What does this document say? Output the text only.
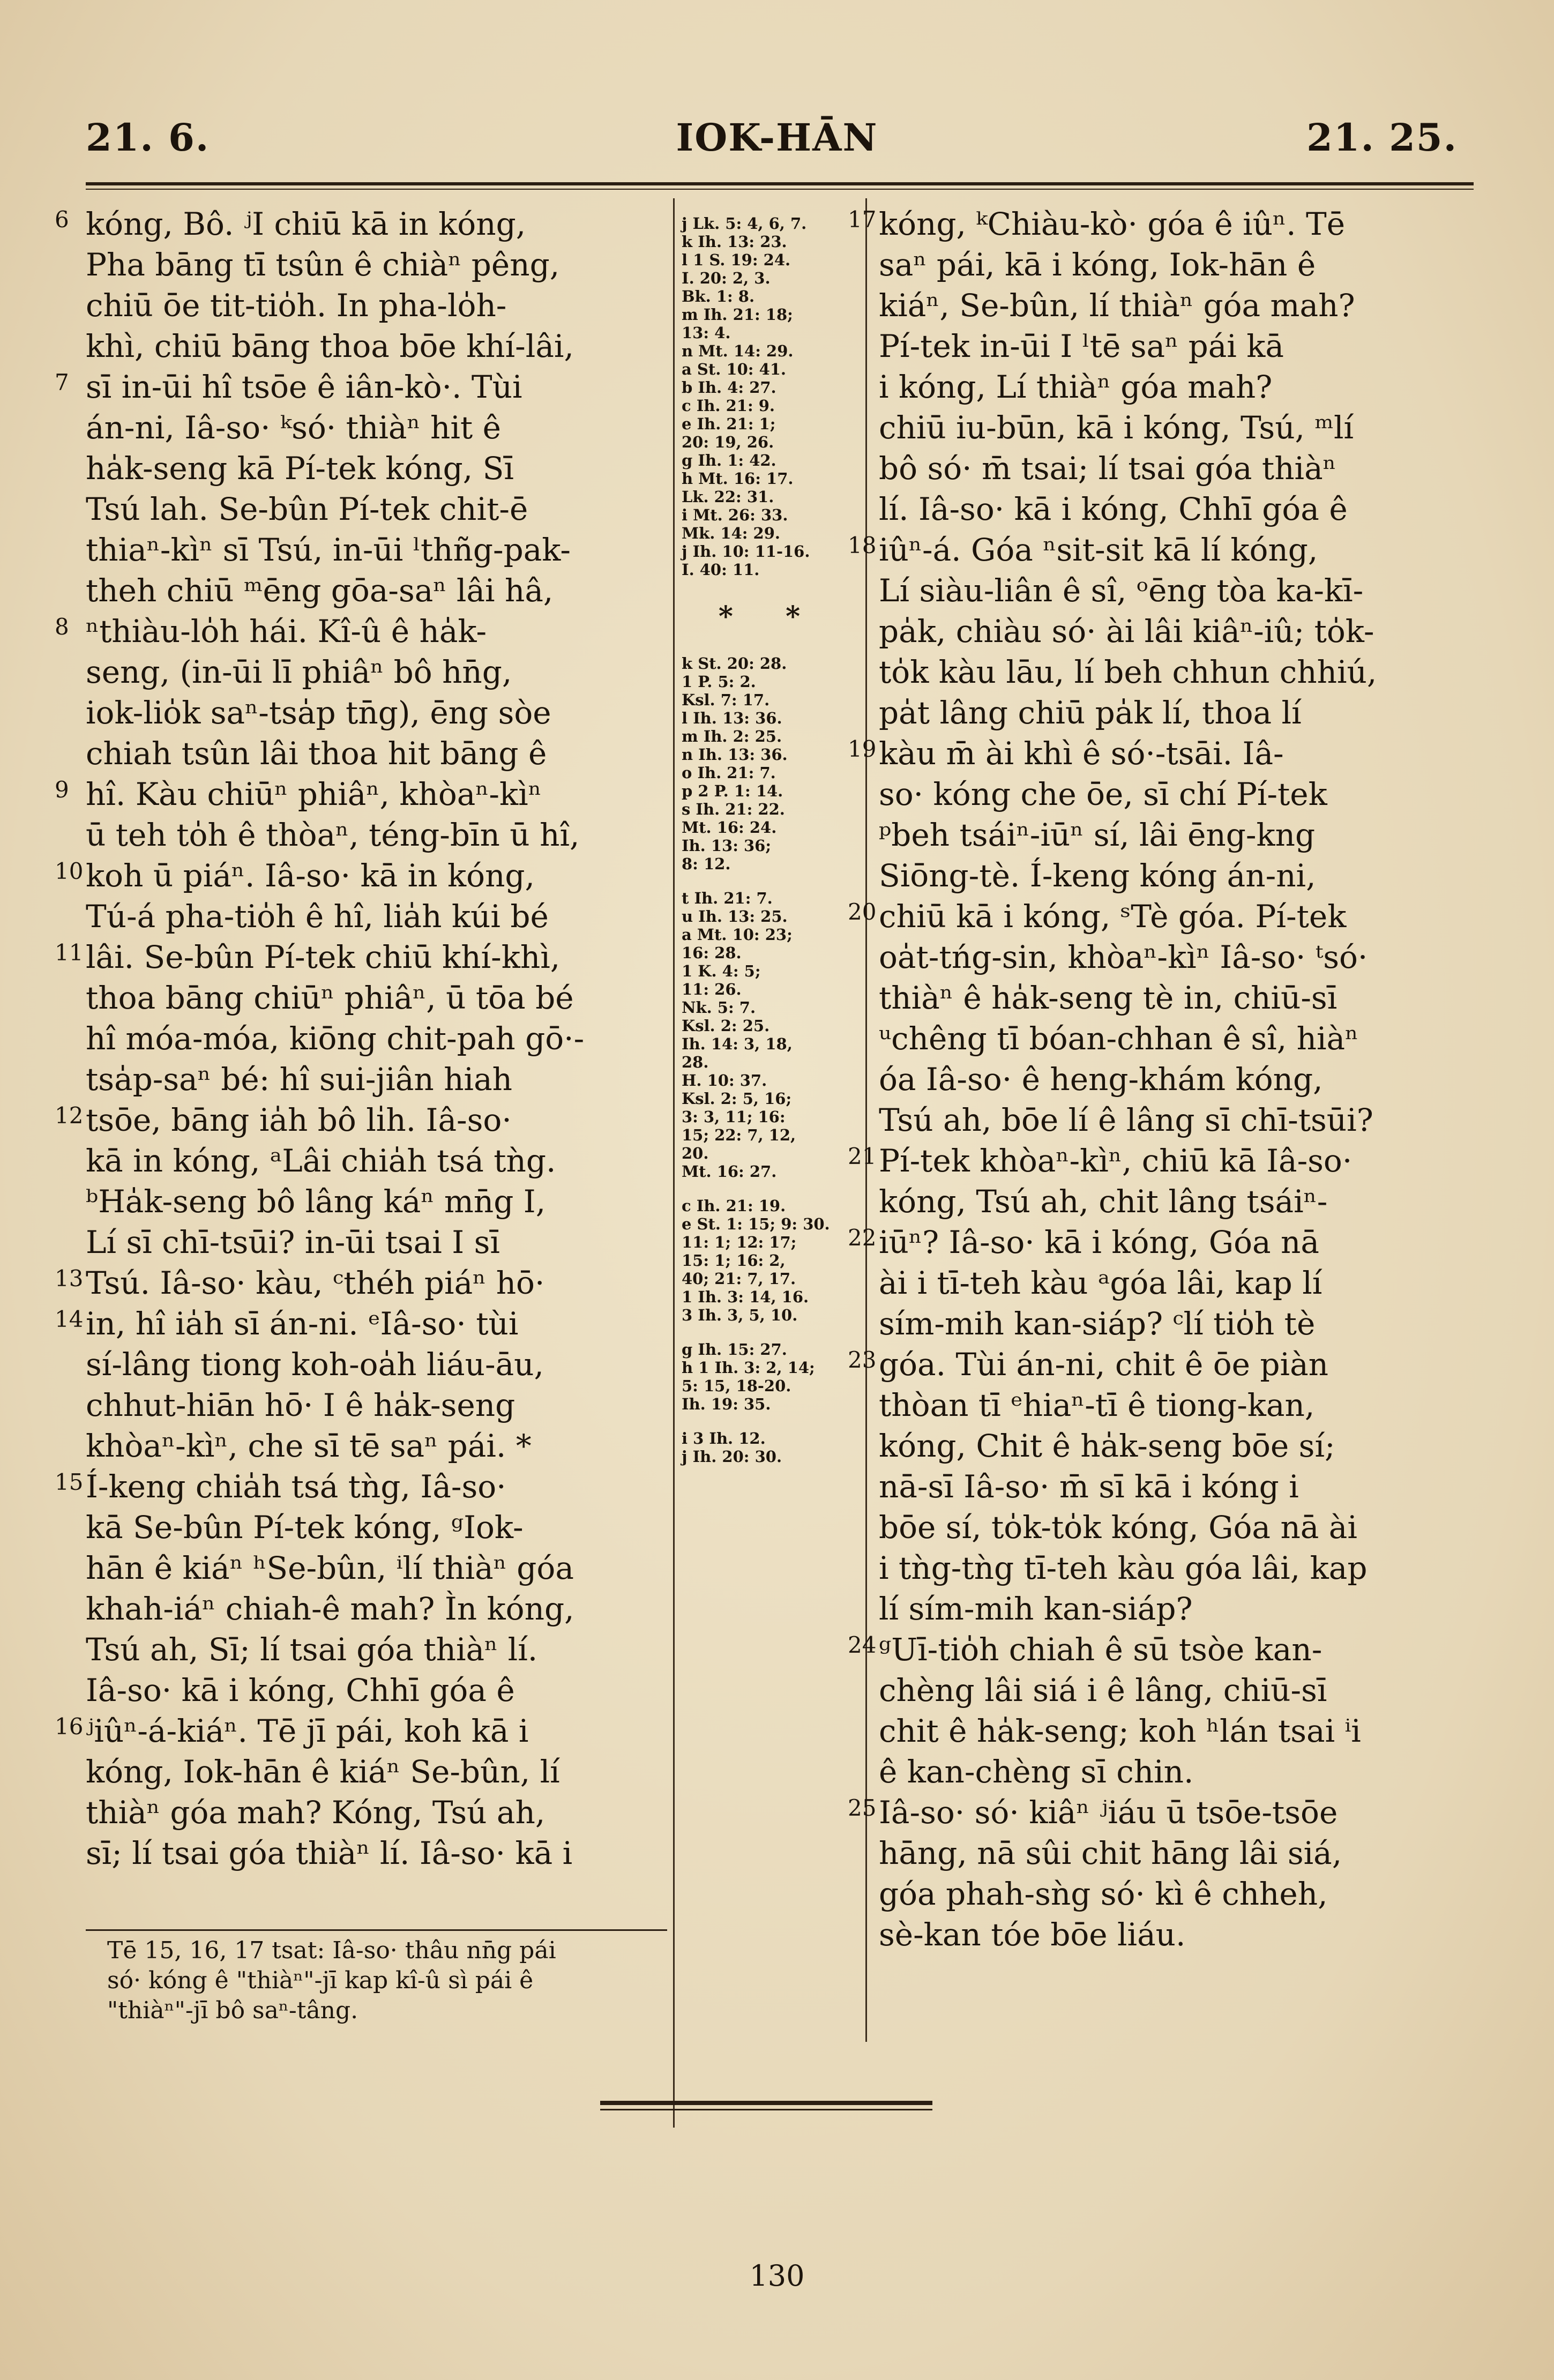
21. 6.	IOK-HĀN	21. 25.
6 kóng, Bô. ʲI chiū kā in kóng,
Pha bāng tī tsûn ê chiàⁿ pêng,
chiū ōe tit-tio̍h. In pha-lo̍h-
khì, chiū bāng thoa bōe khí-lâi,
7 sī in-ūi hî tsōe ê iân-kò·. Tùi
án-ni, Iâ-so· ᵏsó· thiàⁿ hit ê
ha̍k-seng kā Pí-tek kóng, Sī
Tsú lah. Se-bûn Pí-tek chit-ē
thiaⁿ-kìⁿ sī Tsú, in-ūi ˡthñg-pak-
theh chiū ᵐēng gōa-saⁿ lâi hâ,
8 ⁿthiàu-lo̍h hái. Kî-û ê ha̍k-
seng, (in-ūi lī phiâⁿ bô hn̄g,
iok-lio̍k saⁿ-tsa̍p tn̄g), ēng sòe
chiah tsûn lâi thoa hit bāng ê
9 hî. Kàu chiūⁿ phiâⁿ, khòaⁿ-kìⁿ
ū teh to̍h ê thòaⁿ, téng-bīn ū hî,
10 koh ū piáⁿ. Iâ-so· kā in kóng,
Tú-á pha-tio̍h ê hî, lia̍h kúi bé
11 lâi. Se-bûn Pí-tek chiū khí-khì,
thoa bāng chiūⁿ phiâⁿ, ū tōa bé
hî móa-móa, kiōng chit-pah gō·-
tsa̍p-saⁿ bé: hî sui-jiân hiah
12 tsōe, bāng ia̍h bô li̍h. Iâ-so·
kā in kóng, ᵃLâi chia̍h tsá tǹg.
ᵇHa̍k-seng bô lâng káⁿ mn̄g I,
Lí sī chī-tsūi? in-ūi tsai I sī
13 Tsú. Iâ-so· kàu, ᶜthéh piáⁿ hō·
14 in, hî ia̍h sī án-ni. ᵉIâ-so· tùi
sí-lâng tiong koh-oa̍h liáu-āu,
chhut-hiān hō· I ê ha̍k-seng
khòaⁿ-kìⁿ, che sī tē saⁿ pái. *
15 Í-keng chia̍h tsá tǹg, Iâ-so·
kā Se-bûn Pí-tek kóng, ᵍIok-
hān ê kiáⁿ ʰSe-bûn, ⁱlí thiàⁿ góa
khah-iáⁿ chiah-ê mah? Ìn kóng,
Tsú ah, Sī; lí tsai góa thiàⁿ lí.
Iâ-so· kā i kóng, Chhī góa ê
16 ʲiûⁿ-á-kiáⁿ. Tē jī pái, koh kā i
kóng, Iok-hān ê kiáⁿ Se-bûn, lí
thiàⁿ góa mah? Kóng, Tsú ah,
sī; lí tsai góa thiàⁿ lí. Iâ-so· kā i
j Lk. 5: 4, 6, 7.
k Ih. 13: 23.
l 1 S. 19: 24.
I. 20: 2, 3.
Bk. 1: 8.
m Ih. 21: 18;
13: 4.
n Mt. 14: 29.
a St. 10: 41.
b Ih. 4: 27.
c Ih. 21: 9.
e Ih. 21: 1;
20: 19, 26.
g Ih. 1: 42.
h Mt. 16: 17.
Lk. 22: 31.
i Mt. 26: 33.
Mk. 14: 29.
j Ih. 10: 11-16.
I. 40: 11.
* *
k St. 20: 28.
1 P. 5: 2.
Ksl. 7: 17.
l Ih. 13: 36.
m Ih. 2: 25.
n Ih. 13: 36.
o Ih. 21: 7.
p 2 P. 1: 14.
s Ih. 21: 22.
Mt. 16: 24.
Ih. 13: 36;
8: 12.
t Ih. 21: 7.
u Ih. 13: 25.
a Mt. 10: 23;
16: 28.
1 K. 4: 5;
11: 26.
Nk. 5: 7.
Ksl. 2: 25.
Ih. 14: 3, 18,
28.
H. 10: 37.
Ksl. 2: 5, 16;
3: 3, 11; 16:
15; 22: 7, 12,
20.
Mt. 16: 27.
c Ih. 21: 19.
e St. 1: 15; 9: 30.
11: 1; 12: 17;
15: 1; 16: 2,
40; 21: 7, 17.
1 Ih. 3: 14, 16.
3 Ih. 3, 5, 10.
g Ih. 15: 27.
h 1 Ih. 3: 2, 14;
5: 15, 18-20.
Ih. 19: 35.
i 3 Ih. 12.
j Ih. 20: 30.
17 kóng, ᵏChiàu-kò· góa ê iûⁿ. Tē
saⁿ pái, kā i kóng, Iok-hān ê
kiáⁿ, Se-bûn, lí thiàⁿ góa mah?
Pí-tek in-ūi I ˡtē saⁿ pái kā
i kóng, Lí thiàⁿ góa mah?
chiū iu-būn, kā i kóng, Tsú, ᵐlí
bô só· m̄ tsai; lí tsai góa thiàⁿ
lí. Iâ-so· kā i kóng, Chhī góa ê
18 iûⁿ-á. Góa ⁿsit-sit kā lí kóng,
Lí siàu-liân ê sî, ᵒēng tòa ka-kī-
pa̍k, chiàu só· ài lâi kiâⁿ-iû; to̍k-
to̍k kàu lāu, lí beh chhun chhiú,
pa̍t lâng chiū pa̍k lí, thoa lí
19 kàu m̄ ài khì ê só·-tsāi. Iâ-
so· kóng che ōe, sī chí Pí-tek
ᵖbeh tsáiⁿ-iūⁿ sí, lâi ēng-kng
Siōng-tè. Í-keng kóng án-ni,
20 chiū kā i kóng, ˢTè góa. Pí-tek
oa̍t-tńg-sin, khòaⁿ-kìⁿ Iâ-so· ᵗsó·
thiàⁿ ê ha̍k-seng tè in, chiū-sī
ᵘchêng tī bóan-chhan ê sî, hiàⁿ
óa Iâ-so· ê heng-khám kóng,
Tsú ah, bōe lí ê lâng sī chī-tsūi?
21 Pí-tek khòaⁿ-kìⁿ, chiū kā Iâ-so·
kóng, Tsú ah, chit lâng tsáiⁿ-
22 iūⁿ? Iâ-so· kā i kóng, Góa nā
ài i tī-teh kàu ᵃgóa lâi, kap lí
sím-mih kan-siáp? ᶜlí tio̍h tè
23 góa. Tùi án-ni, chit ê ōe piàn
thòan tī ᵉhiaⁿ-tī ê tiong-kan,
kóng, Chit ê ha̍k-seng bōe sí;
nā-sī Iâ-so· m̄ sī kā i kóng i
bōe sí, to̍k-to̍k kóng, Góa nā ài
i tǹg-tǹg tī-teh kàu góa lâi, kap
lí sím-mih kan-siáp?
24 ᵍUī-tio̍h chiah ê sū tsòe kan-
chèng lâi siá i ê lâng, chiū-sī
chit ê ha̍k-seng; koh ʰlán tsai ⁱi
ê kan-chèng sī chin.
25 Iâ-so· só· kiâⁿ ʲiáu ū tsōe-tsōe
hāng, nā sûi chit hāng lâi siá,
góa phah-sǹg só· kì ê chheh,
sè-kan tóe bōe liáu.
Tē 15, 16, 17 tsat: Iâ-so· thâu nn̄g pái
só· kóng ê "thiàⁿ"-jī kap kî-û sì pái ê
"thiàⁿ"-jī bô saⁿ-tâng.
130
